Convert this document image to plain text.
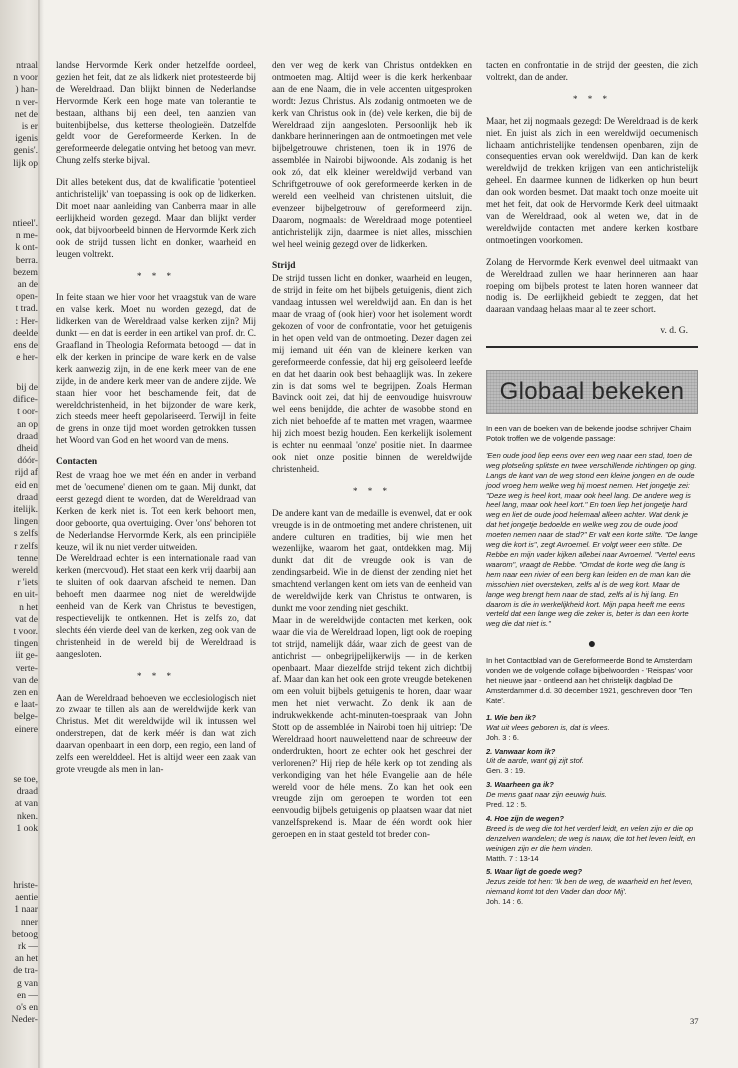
ntraal
n voor
) han-
n ver-
net de
is er
igenis
genis'.
lijk op
ntieel'.
n me-
k ont-
berra.
bezem
an de
open-
t trad.
: Her-
deelde
ens de
e her-
bij de
difice-
t oor-
an op
draad
dheid
dóór-
rijd af
eid en
draad
itelijk.
lingen
s zelfs
r zelfs
tenne
wereld
r 'iets
en uit-
n het
vat de
t voor.
tingen
iit ge-
verte-
van de
zen en
e laat-
belge-
einere
se toe,
draad
at van
nken.
1 ook
hriste-
aentie
1 naar
nner
betoog
rk —
an het
de tra-
g van
en —
o's en
Neder-

landse Hervormde Kerk onder hetzelfde oordeel, gezien het feit, dat ze als lidkerk niet protesteerde bij de Wereldraad. Dan blijkt binnen de Nederlandse Hervormde Kerk een hoge mate van tolerantie te bestaan, althans bij een deel, ten aanzien van buitenbijbelse, dus ketterse theologieën. Datzelfde geldt voor de Gereformeerde Kerken. In de gereformeerde delegatie ontving het betoog van mevr. Chung zelfs sterke bijval.

Dit alles betekent dus, dat de kwalificatie 'potentieel antichristelijk' van toepassing is ook op de lidkerken. Dit moet naar aanleiding van Canberra maar in alle eerlijkheid worden gezegd. Maar dan blijkt verder ook, dat bijvoorbeeld binnen de Hervormde Kerk zich ook de strijd tussen licht en donker, waarheid en leugen voltrekt.

* * *

In feite staan we hier voor het vraagstuk van de ware en valse kerk. Moet nu worden gezegd, dat de lidkerken van de Wereldraad valse kerken zijn? Mij dunkt — en dat is eerder in een artikel van prof. dr. C. Graafland in Theologia Reformata betoogd — dat in elk der kerken in principe de ware kerk en de valse kerk aanwezig zijn, in de ene kerk meer van de ene zijde, in de andere kerk meer van de andere zijde. We staan hier voor het beschamende feit, dat de wereldchristenheid, in het bijzonder de ware kerk, zich steeds meer heeft gepolariseerd. Terwijl in feite de grens in onze tijd moet worden getrokken tussen het Woord van God en het woord van de mens.

Contacten

Rest de vraag hoe we met één en ander in verband met de 'oecumene' dienen om te gaan. Mij dunkt, dat eerst gezegd dient te worden, dat de Wereldraad van Kerken de kerk niet is. Tot een kerk behoort men, door geboorte, qua overtuiging. Over 'ons' behoren tot de Nederlandse Hervormde Kerk, als een principiële keuze, wil ik nu niet verder uitweiden.

De Wereldraad echter is een internationale raad van kerken (mercvoud). Het staat een kerk vrij daarbij aan te sluiten of ook daarvan afscheid te nemen. Dan behoeft men daarmee nog niet de wereldwijde eenheid van de Kerk van Christus te bevestigen, respectievelijk te ontkennen. Het is zelfs zo, dat slechts één vierde deel van de kerken, zeg ook van de christenheid in de wereld bij de Wereldraad is aangesloten.

* * *

Aan de Wereldraad behoeven we ecclesiologisch niet zo zwaar te tillen als aan de wereldwijde kerk van Christus. Met dit wereldwijde wil ik intussen wel onderstrepen, dat de kerk méér is dan wat zich daarvan openbaart in een dorp, een regio, een land of zelfs een werelddeel. Het is altijd weer een zaak van grote vreugde als men in lan-

den ver weg de kerk van Christus ontdekken en ontmoeten mag. Altijd weer is die kerk herkenbaar aan de ene Naam, die in vele accenten uitgesproken wordt: Jezus Christus. Als zodanig ontmoeten we de kerk van Christus ook in (de) vele kerken, die bij de Wereldraad zijn aangesloten. Persoonlijk heb ik dankbare herinneringen aan de ontmoetingen met vele bijbelgetrouwe christenen, toen ik in 1976 de assemblée in Nairobi bijwoonde. Als zodanig is het ook zó, dat elk kleiner wereldwijd verband van Schriftgetrouwe of ook gereformeerde kerken in de wereld een veelheid van christenen uitsluit, die evenzeer bijbelgetrouw of gereformeerd zijn. Daarom, nogmaals: de Wereldraad moge potentieel antichristelijk zijn, daarmee is niet alles, misschien wel heel weinig gezegd over de lidkerken.

Strijd

De strijd tussen licht en donker, waarheid en leugen, de strijd in feite om het bijbels getuigenis, dient zich vandaag intussen wel wereldwijd aan. En dan is het maar de vraag of (ook hier) voor het isolement wordt gekozen of voor de confrontatie, voor het getuigenis in het open veld van de ontmoeting. Dezer dagen zei mij iemand uit één van de kleinere kerken van gereformeerde confessie, dat hij erg geïsoleerd leefde en dat het daarin ook best behaaglijk was. In zekere zin is dat soms wel te begrijpen. Zoals Herman Bavinck ooit zei, dat hij de eenvoudige huisvrouw wel eens benijdde, die achter de wasobbe stond en zich niet behoefde af te matten met vragen, waarmee hij zich moest bezig houden. Een kerkelijk isolement is echter nu eenmaal 'onze' positie niet. In daarmee ook niet onze positie binnen de wereldwijde christenheid.

* * *

De andere kant van de medaille is evenwel, dat er ook vreugde is in de ontmoeting met andere christenen, uit andere culturen en tradities, bij wie men het wezenlijke, waarom het gaat, ontdekken mag. Mij dunkt dat dit de vreugde ook is van de zendingsarbeid. Wie in de dienst der zending niet het smachtend verlangen kent om iets van de eenheid van de wereldwijde kerk van Christus te ontwaren, is dunkt me voor zending niet geschikt.

Maar in de wereldwijde contacten met kerken, ook waar die via de Wereldraad lopen, ligt ook de roeping tot strijd, namelijk dáár, waar zich de geest van de antichrist — onbegrijpelijkerwijs — in de kerken openbaart. Maar diezelfde strijd tekent zich dichtbij af. Maar dan kan het ook een grote vreugde betekenen om een voluit bijbels getuigenis te horen, daar waar men het niet verwacht. Zo denk ik aan de indrukwekkende acht-minuten-toespraak van John Stott op de assemblée in Nairobi toen hij uitriep: 'De Wereldraad hoort nauwelettend naar de schreeuw der onderdrukten, hoort ze echter ook het geschrei der verlorenen?' Hij riep de héle kerk op tot zending als verkondiging van het héle Evangelie aan de héle wereld voor de héle mens. Zo kan het ook een vreugde zijn om geroepen te worden tot een eenvoudig bijbels getuigenis op plaatsen waar dat niet vanzelfsprekend is. Maar de één wordt ook hier geroepen en in staat gesteld tot breder con-

tacten en confrontatie in de strijd der geesten, die zich voltrekt, dan de ander.

* * *

Maar, het zij nogmaals gezegd: De Wereldraad is de kerk niet. En juist als zich in een wereldwijd oecumenisch lichaam antichristelijke tendensen openbaren, zijn de consequenties ervan ook wereldwijd. Dan kan de kerk wereldwijd de trekken krijgen van een antichristelijk geheel. En daarmee kunnen de lidkerken op hun beurt dan ook worden besmet. Dat maakt toch onze moeite uit met het feit, dat ook de Hervormde Kerk deel uitmaakt van de Wereldraad, ook al weten we, dat in de wereldwijde contacten met andere kerken kostbare ontmoetingen voorkomen.

Zolang de Hervormde Kerk evenwel deel uitmaakt van de Wereldraad zullen we haar herinneren aan haar roeping om bijbels protest te laten horen wanneer dat nodig is. De eerlijkheid gebiedt te zeggen, dat het daaraan vandaag helaas maar al te zeer schort.

v. d. G.
Globaal bekeken

In een van de boeken van de bekende joodse schrijver Chaim Potok troffen we de volgende passage:

'Een oude jood liep eens over een weg naar een stad, toen de weg plotseling splitste en twee verschillende richtingen op ging. Langs de kant van de weg stond een kleine jongen en de oude jood vroeg hem welke weg hij moest nemen. Het jongetje zei: "Deze weg is heel kort, maar ook heel lang. De andere weg is heel lang, maar ook heel kort." En toen liep het jongetje hard weg en liet de oude jood helemaal alleen achter. Wat denk je dat het jongetje bedoelde en welke weg zou de oude jood moeten nemen naar de stad?" Er valt een korte stilte. "De lange weg die kort is", zegt Avroemel. Er volgt weer een stilte. De Rebbe en mijn vader kijken allebei naar Avroemel. "Vertel eens waarom", vraagt de Rebbe. "Omdat de korte weg die lang is hem naar een rivier of een berg kan leiden en de man kan die misschien niet oversteken, zelfs al is de weg kort. Maar de lange weg brengt hem naar de stad, zelfs al is hij lang. En daarom is die in werkelijkheid kort. Mijn papa heeft me eens verteld dat een lange weg die zeker is, beter is dan een korte weg die dat niet is."

●

In het Contactblad van de Gereformeerde Bond te Amsterdam vonden we de volgende collage bijbelwoorden - 'Reispas' voor het nieuwe jaar - ontleend aan het christelijk dagblad De Amsterdammer d.d. 30 december 1921, geschreven door 'Ten Kate'.

1. Wie ben ik?

Wat uit vlees geboren is, dat is vlees.

Joh. 3 : 6.

2. Vanwaar kom ik?

Uit de aarde, want gij zijt stof.

Gen. 3 : 19.

3. Waarheen ga ik?

De mens gaat naar zijn eeuwig huis.

Pred. 12 : 5.

4. Hoe zijn de wegen?

Breed is de weg die tot het verderf leidt, en velen zijn er die op denzelven wandelen; de weg is nauw, die tot het leven leidt, en weinigen zijn er die hem vinden.

Matth. 7 : 13-14

5. Waar ligt de goede weg?

Jezus zeide tot hen: 'Ik ben de weg, de waarheid en het leven, niemand komt tot den Vader dan door Mij'.

Joh. 14 : 6.

37
